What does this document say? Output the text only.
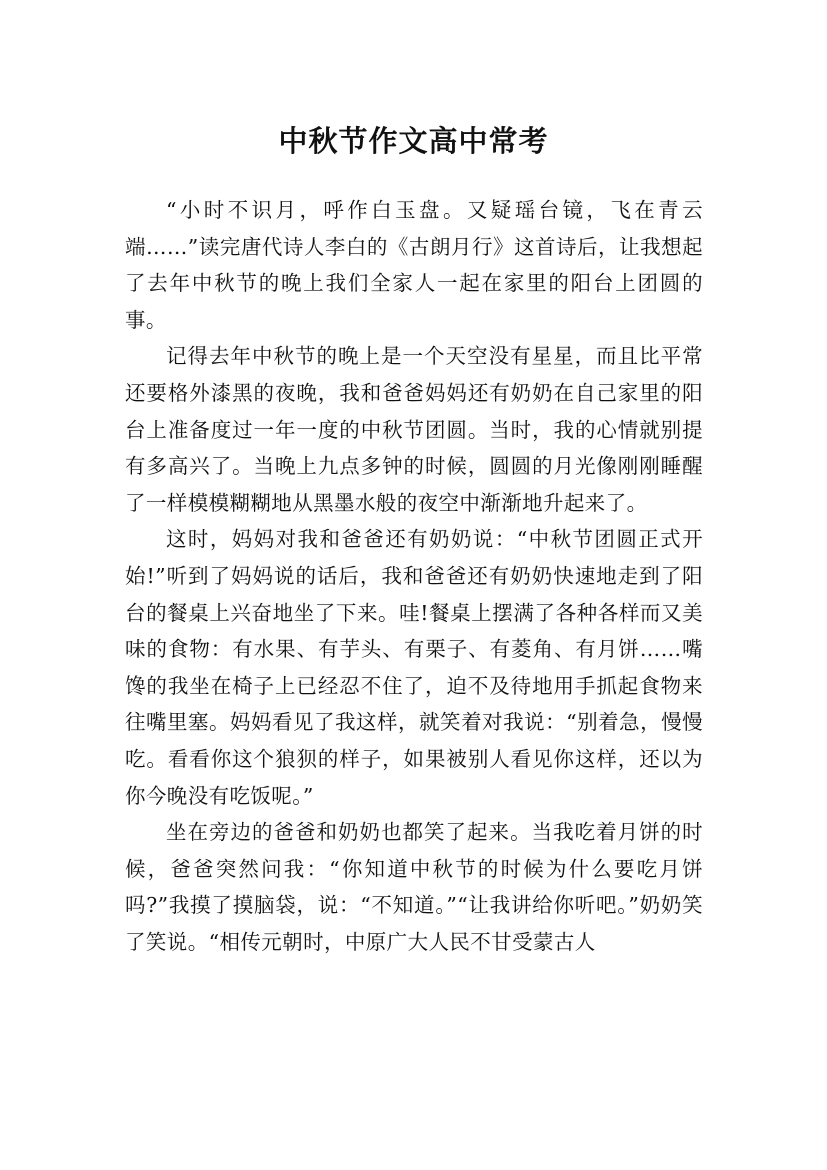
中秋节作文高中常考

“小时不识月，呼作白玉盘。又疑瑶台镜，飞在青云端……”读完唐代诗人李白的《古朗月行》这首诗后，让我想起了去年中秋节的晚上我们全家人一起在家里的阳台上团圆的事。

记得去年中秋节的晚上是一个天空没有星星，而且比平常还要格外漆黑的夜晚，我和爸爸妈妈还有奶奶在自己家里的阳台上准备度过一年一度的中秋节团圆。当时，我的心情就别提有多高兴了。当晚上九点多钟的时候，圆圆的月光像刚刚睡醒了一样模模糊糊地从黑墨水般的夜空中渐渐地升起来了。

这时，妈妈对我和爸爸还有奶奶说：“中秋节团圆正式开始!”听到了妈妈说的话后，我和爸爸还有奶奶快速地走到了阳台的餐桌上兴奋地坐了下来。哇!餐桌上摆满了各种各样而又美味的食物：有水果、有芋头、有栗子、有菱角、有月饼……嘴馋的我坐在椅子上已经忍不住了，迫不及待地用手抓起食物来往嘴里塞。妈妈看见了我这样，就笑着对我说：“别着急，慢慢吃。看看你这个狼狈的样子，如果被别人看见你这样，还以为你今晚没有吃饭呢。”

坐在旁边的爸爸和奶奶也都笑了起来。当我吃着月饼的时候，爸爸突然问我：“你知道中秋节的时候为什么要吃月饼吗?”我摸了摸脑袋，说：“不知道。”“让我讲给你听吧。”奶奶笑了笑说。“相传元朝时，中原广大人民不甘受蒙古人
